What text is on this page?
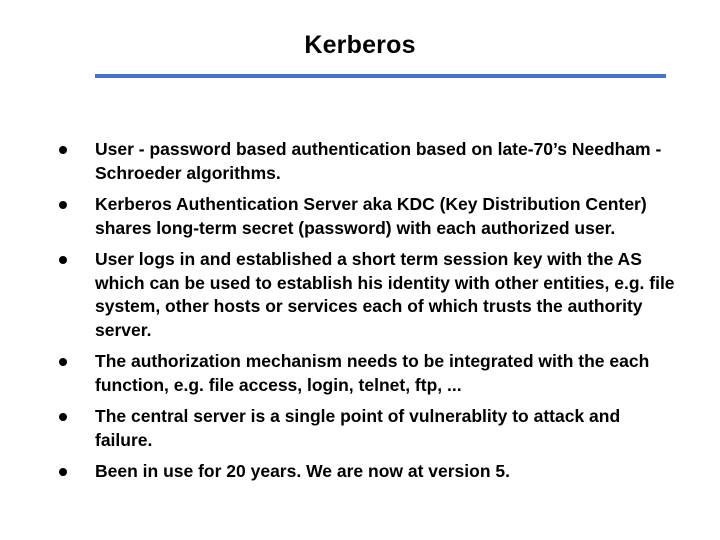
Kerberos
User - password based authentication based on late-70’s Needham -Schroeder algorithms.
Kerberos Authentication Server aka KDC (Key Distribution Center) shares long-term secret (password) with each authorized user.
User logs in and established a short term session key with the AS which can be used to establish his identity with other entities, e.g. file system, other hosts or services each of which trusts the authority server.
The authorization mechanism needs to be integrated with the each function, e.g. file access, login, telnet, ftp, ...
The central server is a single point of vulnerablity to attack and failure.
Been in use for 20 years. We are now at version 5.
